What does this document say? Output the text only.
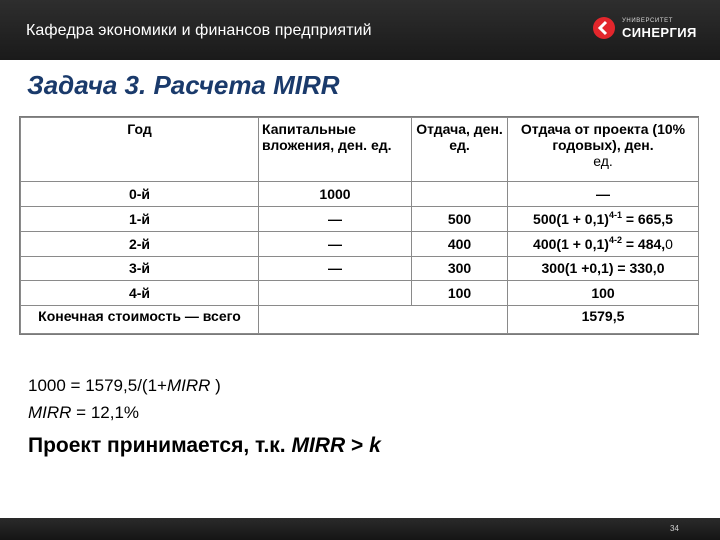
Кафедра экономики и финансов предприятий
УНИВЕРСИТЕТ
СИНЕРГИЯ
Задача 3. Расчета MIRR
Год	Капитальные вложения, ден. ед.	Отдача, ден. ед.	Отдача от проекта (10% годовых), ден.
ед.
0-й	1000		—
1-й	—	500	$500(1 + 0,1)^{4-1} = 665,5$
2-й	—	400	$400(1 + 0,1)^{4-2} = 484,0$
3-й	—	300	300(1 +0,1) = 330,0
4-й		100	100
Конечная стоимость — всего			1579,5
1000 = 1579,5/(1+MIRR )
MIRR = 12,1%
Проект принимается, т.к. MIRR > k
34
